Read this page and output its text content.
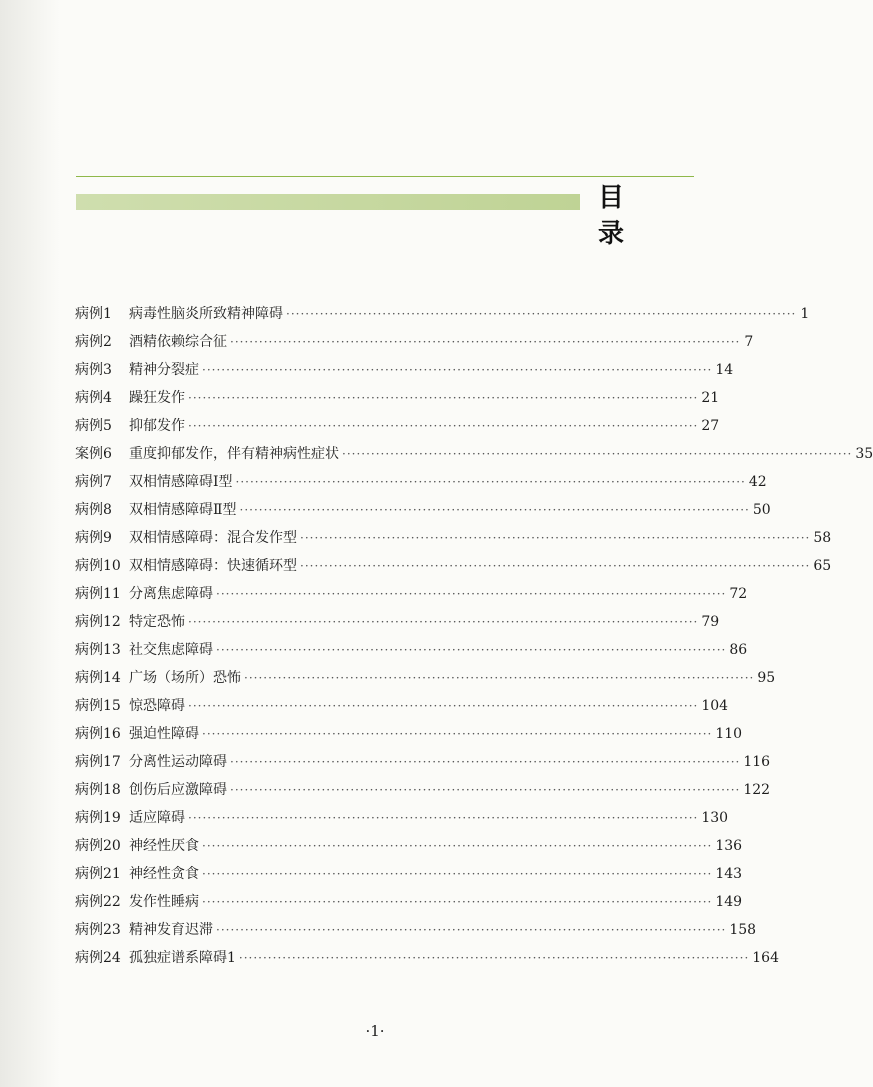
目 录
病例1	病毒性脑炎所致精神障碍 ·········································································································· 1
病例2	酒精依赖综合征 ·········································································································· 7
病例3	精神分裂症 ·········································································································· 14
病例4	躁狂发作 ·········································································································· 21
病例5	抑郁发作 ·········································································································· 27
案例6	重度抑郁发作，伴有精神病性症状 ·········································································································· 35
病例7	双相情感障碍Ⅰ型 ·········································································································· 42
病例8	双相情感障碍Ⅱ型 ·········································································································· 50
病例9	双相情感障碍：混合发作型 ·········································································································· 58
病例10 双相情感障碍：快速循环型 ·········································································································· 65
病例11 分离焦虑障碍 ·········································································································· 72
病例12 特定恐怖 ·········································································································· 79
病例13 社交焦虑障碍 ·········································································································· 86
病例14 广场（场所）恐怖 ·········································································································· 95
病例15 惊恐障碍 ·········································································································· 104
病例16 强迫性障碍 ·········································································································· 110
病例17 分离性运动障碍 ·········································································································· 116
病例18 创伤后应激障碍 ·········································································································· 122
病例19 适应障碍 ·········································································································· 130
病例20 神经性厌食 ·········································································································· 136
病例21 神经性贪食 ·········································································································· 143
病例22 发作性睡病 ·········································································································· 149
病例23 精神发育迟滞 ·········································································································· 158
病例24 孤独症谱系障碍1 ·········································································································· 164
·1·
